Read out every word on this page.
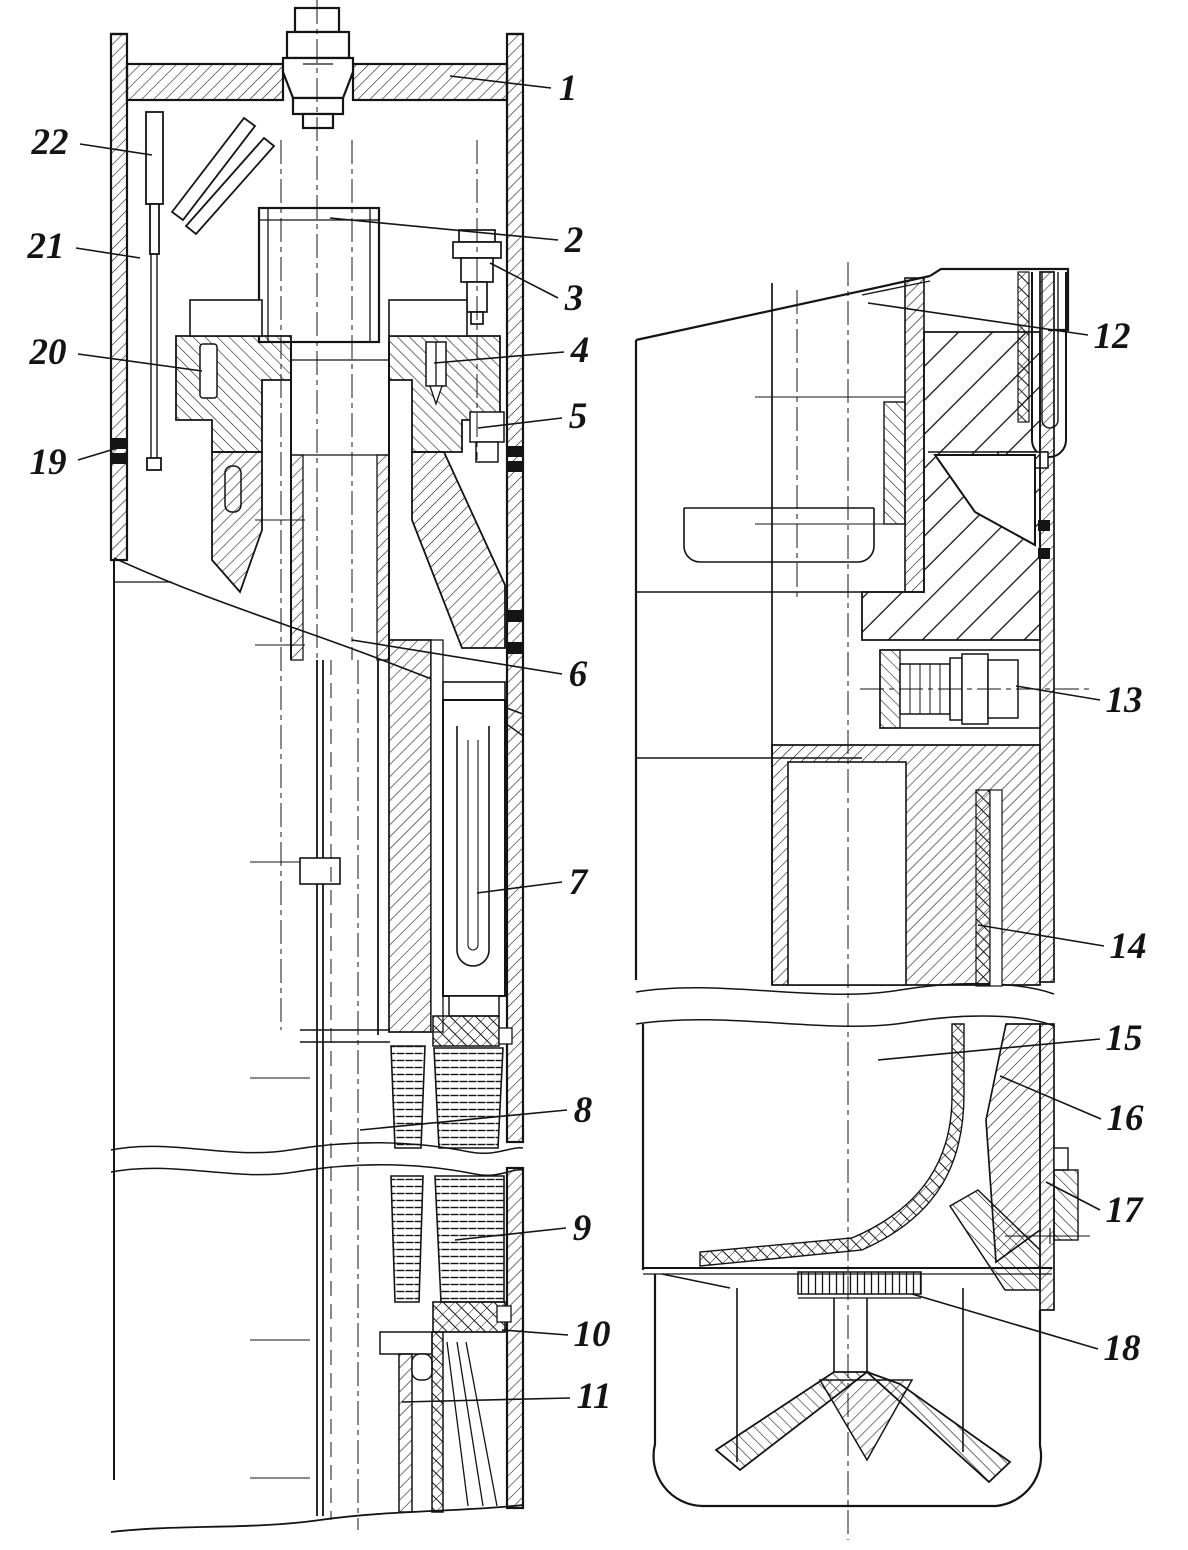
1
2
3
4
5
6
7
8
9
10
11
19
20
21
22
12
13
14
15
16
17
18
